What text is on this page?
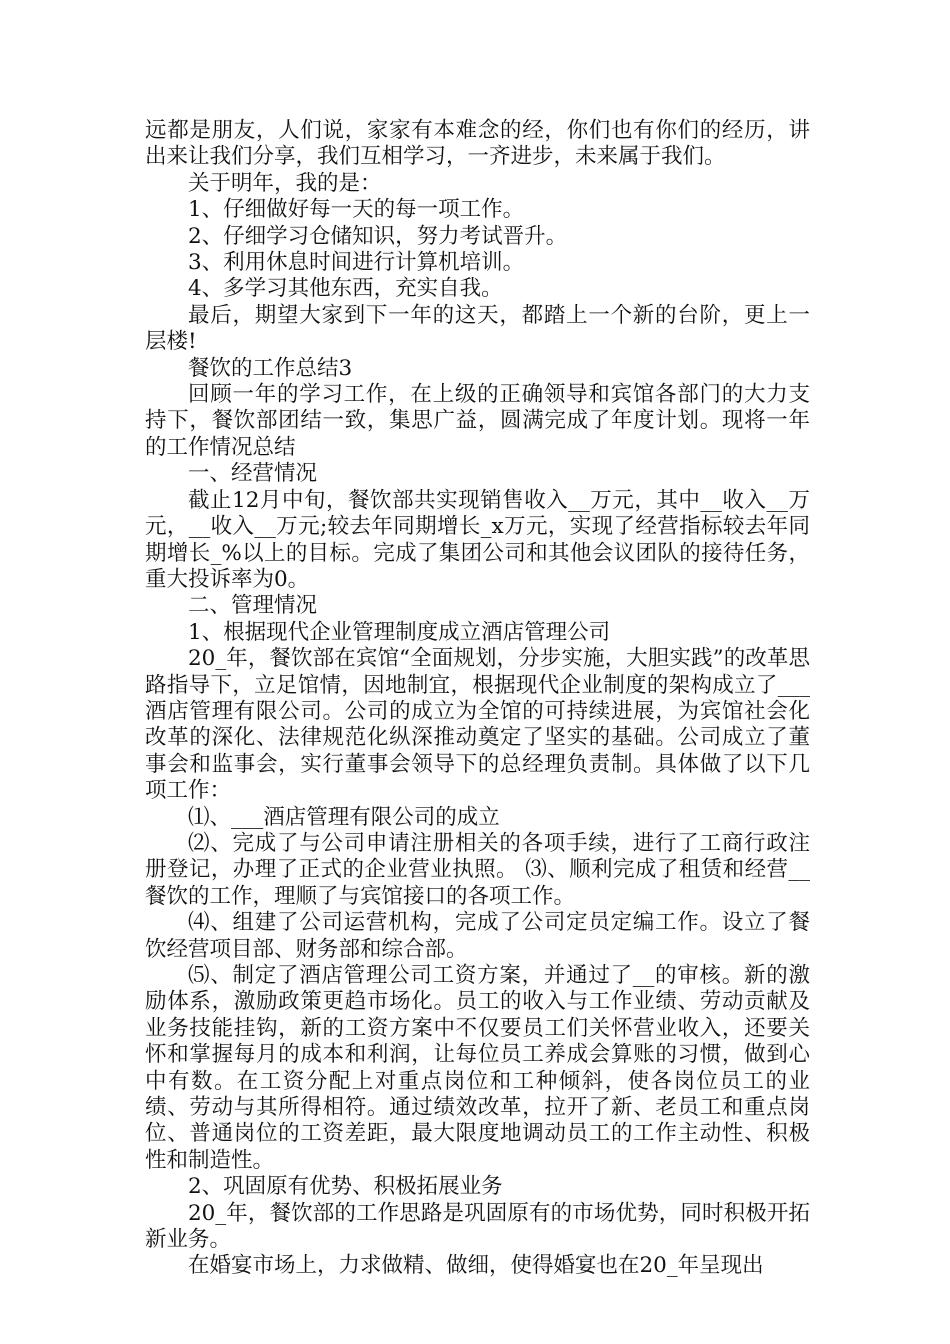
远都是朋友，人们说，家家有本难念的经，你们也有你们的经历，讲出来让我们分享，我们互相学习，一齐进步，未来属于我们。

关于明年，我的是：

1、仔细做好每一天的每一项工作。

2、仔细学习仓储知识，努力考试晋升。

3、利用休息时间进行计算机培训。

4、多学习其他东西，充实自我。

最后，期望大家到下一年的这天，都踏上一个新的台阶，更上一层楼!

餐饮的工作总结3

回顾一年的学习工作，在上级的正确领导和宾馆各部门的大力支持下，餐饮部团结一致，集思广益，圆满完成了年度计划。现将一年的工作情况总结

一、经营情况

截止12月中旬，餐饮部共实现销售收入__万元，其中__收入__万元，__收入__万元;较去年同期增长_x万元，实现了经营指标较去年同期增长_%以上的目标。完成了集团公司和其他会议团队的接待任务，重大投诉率为0。

二、管理情况

1、根据现代企业管理制度成立酒店管理公司

20_年，餐饮部在宾馆“全面规划，分步实施，大胆实践”的改革思路指导下，立足馆情，因地制宜，根据现代企业制度的架构成立了___酒店管理有限公司。公司的成立为全馆的可持续进展，为宾馆社会化改革的深化、法律规范化纵深推动奠定了坚实的基础。公司成立了董事会和监事会，实行董事会领导下的总经理负责制。具体做了以下几项工作：

⑴、___酒店管理有限公司的成立

⑵、完成了与公司申请注册相关的各项手续，进行了工商行政注册登记，办理了正式的企业营业执照。 ⑶、顺利完成了租赁和经营__餐饮的工作，理顺了与宾馆接口的各项工作。

⑷、组建了公司运营机构，完成了公司定员定编工作。设立了餐饮经营项目部、财务部和综合部。

⑸、制定了酒店管理公司工资方案，并通过了__的审核。新的激励体系，激励政策更趋市场化。员工的收入与工作业绩、劳动贡献及业务技能挂钩，新的工资方案中不仅要员工们关怀营业收入，还要关怀和掌握每月的成本和利润，让每位员工养成会算账的习惯，做到心中有数。在工资分配上对重点岗位和工种倾斜，使各岗位员工的业绩、劳动与其所得相符。通过绩效改革，拉开了新、老员工和重点岗位、普通岗位的工资差距，最大限度地调动员工的工作主动性、积极性和制造性。

2、巩固原有优势、积极拓展业务

20_年，餐饮部的工作思路是巩固原有的市场优势，同时积极开拓新业务。

在婚宴市场上，力求做精、做细，使得婚宴也在20_年呈现出
